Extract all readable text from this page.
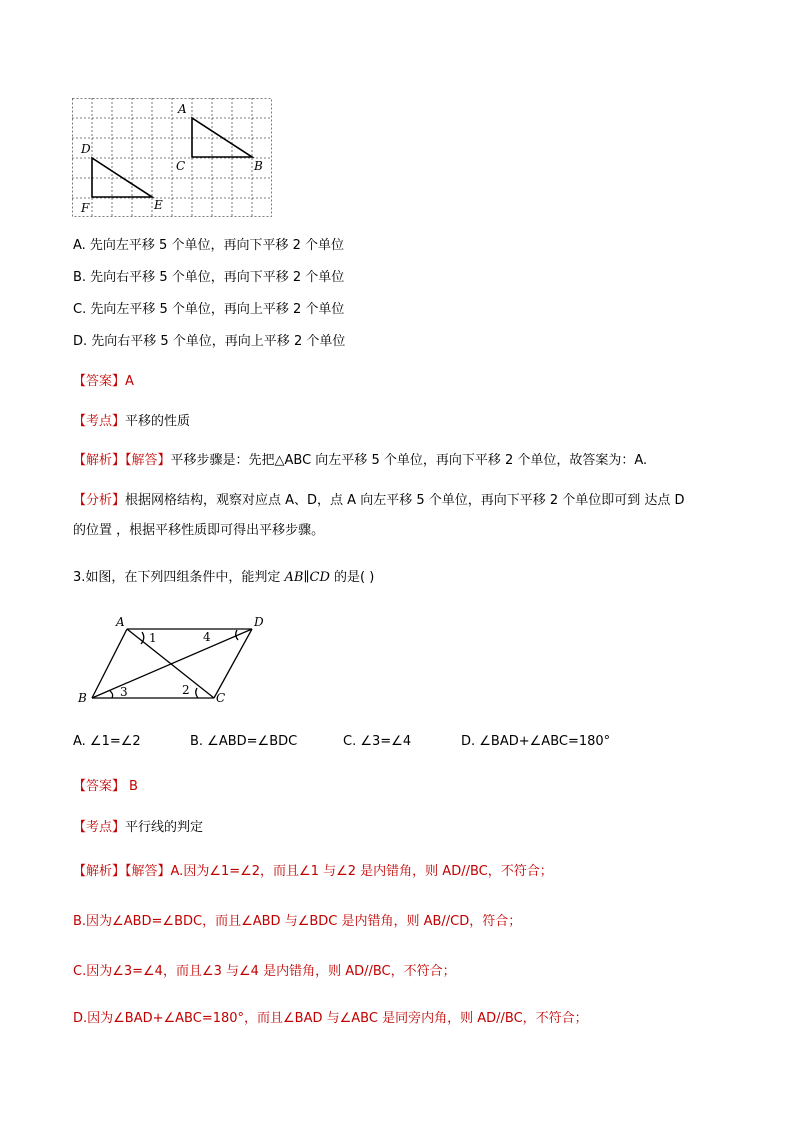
A
C	B
D
F	E
A. 先向左平移 5 个单位，再向下平移 2 个单位
B. 先向右平移 5 个单位，再向下平移 2 个单位
C. 先向左平移 5 个单位，再向上平移 2 个单位
D. 先向右平移 5 个单位，再向上平移 2 个单位
【答案】A
【考点】平移的性质
【解析】【解答】平移步骤是：先把△ABC 向左平移 5 个单位，再向下平移 2 个单位，故答案为：A.
【分析】根据网格结构，观察对应点 A、D，点 A 向左平移 5 个单位，再向下平移 2 个单位即可到 达点 D
的位置 ，根据平移性质即可得出平移步骤。
3.如图，在下列四组条件中，能判定 AB∥CD 的是( )
A	D
B	C
1	4
3	2
A. ∠1=∠2	B. ∠ABD=∠BDC	C. ∠3=∠4	D. ∠BAD+∠ABC=180°
【答案】 B
【考点】平行线的判定
【解析】【解答】A.因为∠1=∠2，而且∠1 与∠2 是内错角，则 AD//BC，不符合；
B.因为∠ABD=∠BDC，而且∠ABD 与∠BDC 是内错角，则 AB//CD，符合；
C.因为∠3=∠4，而且∠3 与∠4 是内错角，则 AD//BC，不符合；
D.因为∠BAD+∠ABC=180°，而且∠BAD 与∠ABC 是同旁内角，则 AD//BC，不符合；
